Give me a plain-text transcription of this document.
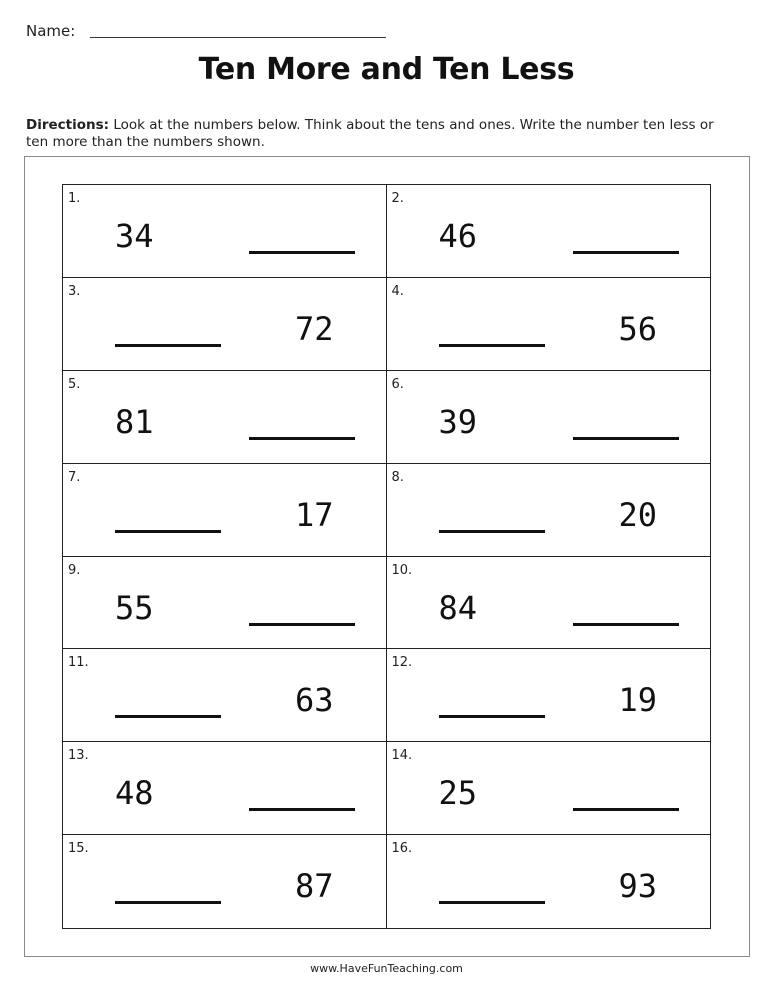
Name:
Ten More and Ten Less
Directions: Look at the numbers below. Think about the tens and ones. Write the number ten less or ten more than the numbers shown.
1.
34
2.
46
3.
72
4.
56
5.
81
6.
39
7.
17
8.
20
9.
55
10.
84
11.
63
12.
19
13.
48
14.
25
15.
87
16.
93
www.HaveFunTeaching.com
